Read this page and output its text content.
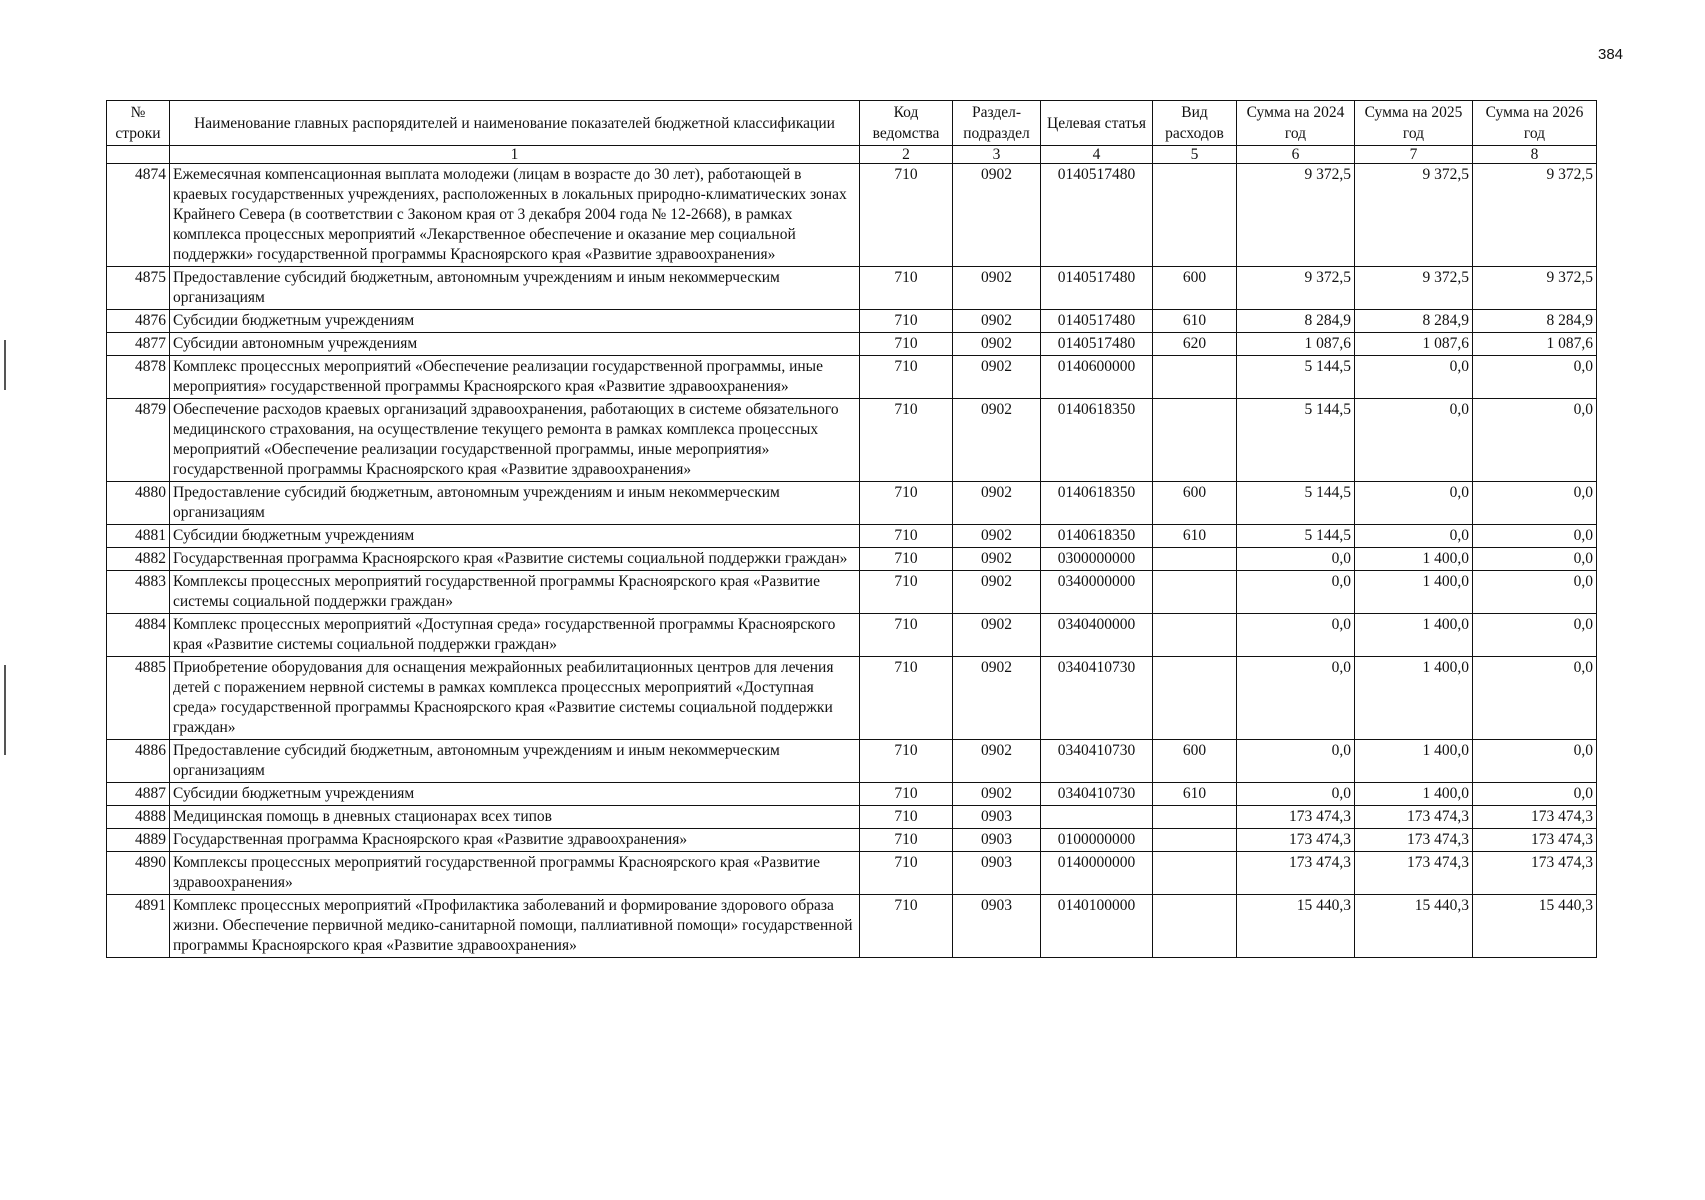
384
№ строки	Наименование главных распорядителей и наименование показателей бюджетной классификации	Код ведомства	Раздел-подраздел	Целевая статья	Вид расходов	Сумма на 2024 год	Сумма на 2025 год	Сумма на 2026 год
	1	2	3	4	5	6	7	8
4874	Ежемесячная компенсационная выплата молодежи (лицам в возрасте до 30 лет), работающей в краевых государственных учреждениях, расположенных в локальных природно-климатических зонах Крайнего Севера (в соответствии с Законом края от 3 декабря 2004 года № 12-2668), в рамках комплекса процессных мероприятий «Лекарственное обеспечение и оказание мер социальной поддержки» государственной программы Красноярского края «Развитие здравоохранения»	710	0902	0140517480		9 372,5	9 372,5	9 372,5
4875	Предоставление субсидий бюджетным, автономным учреждениям и иным некоммерческим организациям	710	0902	0140517480	600	9 372,5	9 372,5	9 372,5
4876	Субсидии бюджетным учреждениям	710	0902	0140517480	610	8 284,9	8 284,9	8 284,9
4877	Субсидии автономным учреждениям	710	0902	0140517480	620	1 087,6	1 087,6	1 087,6
4878	Комплекс процессных мероприятий «Обеспечение реализации государственной программы, иные мероприятия» государственной программы Красноярского края «Развитие здравоохранения»	710	0902	0140600000		5 144,5	0,0	0,0
4879	Обеспечение расходов краевых организаций здравоохранения, работающих в системе обязательного медицинского страхования, на осуществление текущего ремонта в рамках комплекса процессных мероприятий «Обеспечение реализации государственной программы, иные мероприятия» государственной программы Красноярского края «Развитие здравоохранения»	710	0902	0140618350		5 144,5	0,0	0,0
4880	Предоставление субсидий бюджетным, автономным учреждениям и иным некоммерческим организациям	710	0902	0140618350	600	5 144,5	0,0	0,0
4881	Субсидии бюджетным учреждениям	710	0902	0140618350	610	5 144,5	0,0	0,0
4882	Государственная программа Красноярского края «Развитие системы социальной поддержки граждан»	710	0902	0300000000		0,0	1 400,0	0,0
4883	Комплексы процессных мероприятий государственной программы Красноярского края «Развитие системы социальной поддержки граждан»	710	0902	0340000000		0,0	1 400,0	0,0
4884	Комплекс процессных мероприятий «Доступная среда» государственной программы Красноярского края «Развитие системы социальной поддержки граждан»	710	0902	0340400000		0,0	1 400,0	0,0
4885	Приобретение оборудования для оснащения межрайонных реабилитационных центров для лечения детей с поражением нервной системы в рамках комплекса процессных мероприятий «Доступная среда» государственной программы Красноярского края «Развитие системы социальной поддержки граждан»	710	0902	0340410730		0,0	1 400,0	0,0
4886	Предоставление субсидий бюджетным, автономным учреждениям и иным некоммерческим организациям	710	0902	0340410730	600	0,0	1 400,0	0,0
4887	Субсидии бюджетным учреждениям	710	0902	0340410730	610	0,0	1 400,0	0,0
4888	Медицинская помощь в дневных стационарах всех типов	710	0903			173 474,3	173 474,3	173 474,3
4889	Государственная программа Красноярского края «Развитие здравоохранения»	710	0903	0100000000		173 474,3	173 474,3	173 474,3
4890	Комплексы процессных мероприятий государственной программы Красноярского края «Развитие здравоохранения»	710	0903	0140000000		173 474,3	173 474,3	173 474,3
4891	Комплекс процессных мероприятий «Профилактика заболеваний и формирование здорового образа жизни. Обеспечение первичной медико-санитарной помощи, паллиативной помощи» государственной программы Красноярского края «Развитие здравоохранения»	710	0903	0140100000		15 440,3	15 440,3	15 440,3
